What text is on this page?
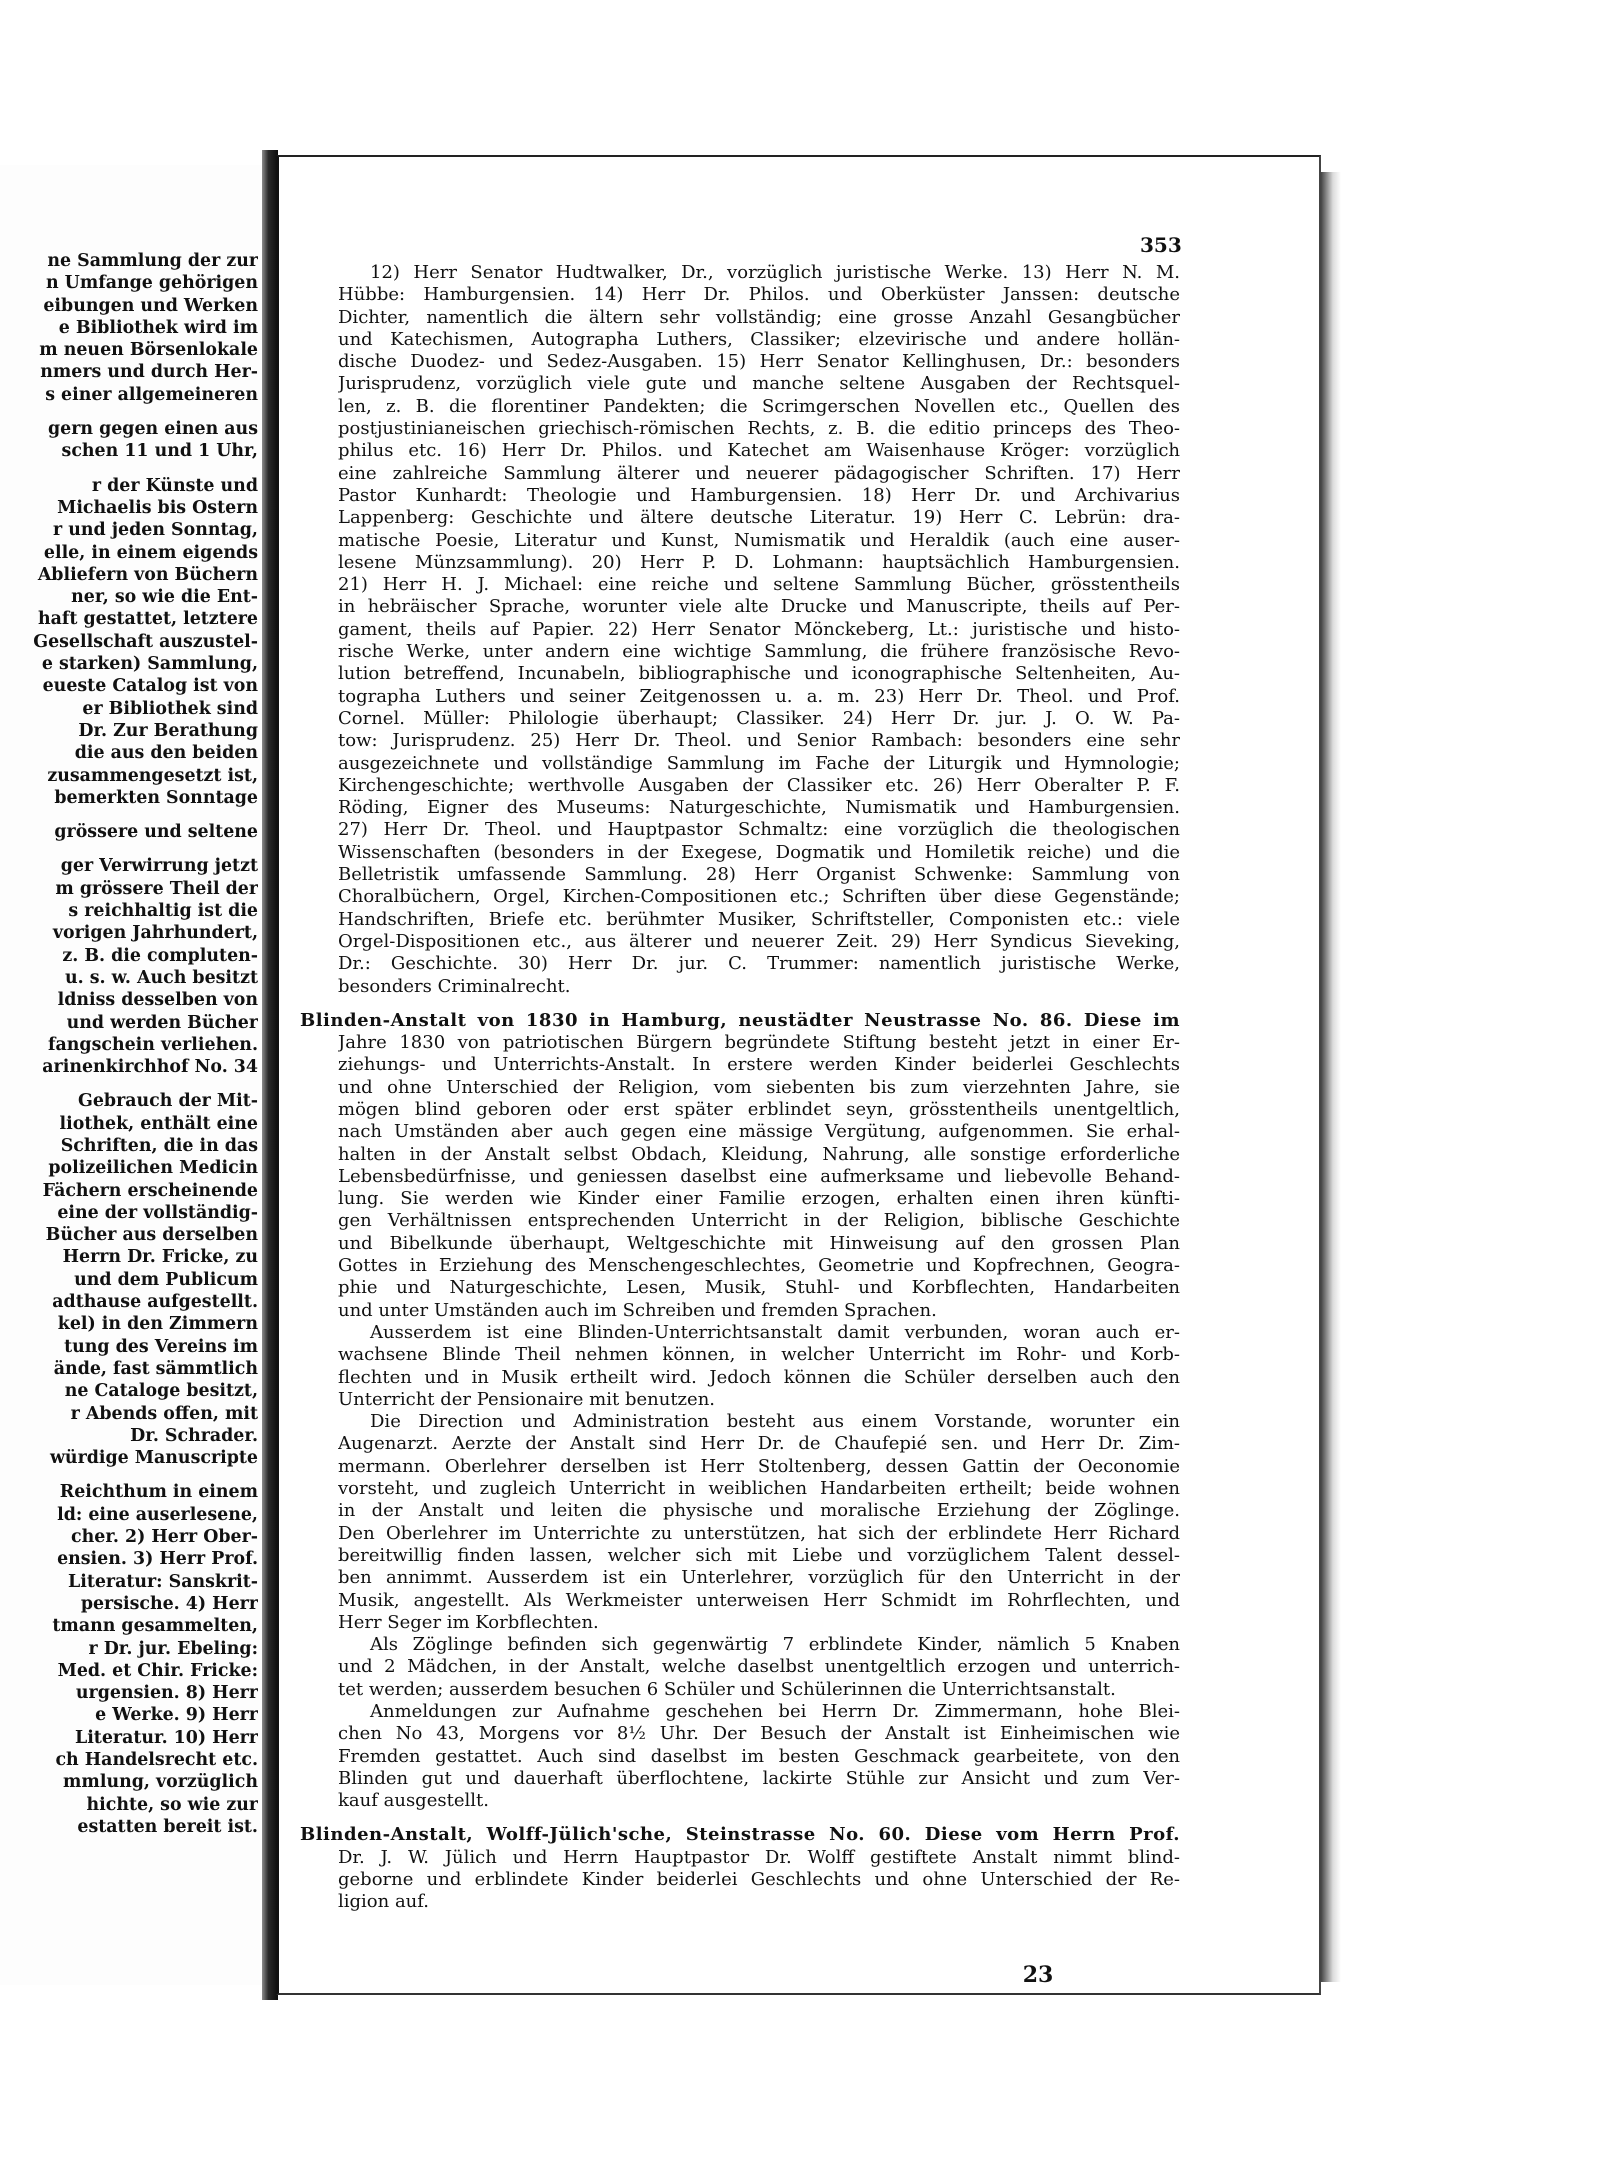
ne Sammlung der zur
n Umfange gehörigen
eibungen und Werken
e Bibliothek wird im
m neuen Börsenlokale
nmers und durch Her-
s einer allgemeineren

gern gegen einen aus
schen 11 und 1 Uhr,

r der Künste und
Michaelis bis Ostern
r und jeden Sonntag,
elle, in einem eigends
Abliefern von Büchern
ner, so wie die Ent-
haft gestattet, letztere
Gesellschaft auszustel-
e starken) Sammlung,
eueste Catalog ist von
er Bibliothek sind
Dr. Zur Berathung
die aus den beiden
zusammengesetzt ist,
bemerkten Sonntage

grössere und seltene

ger Verwirrung jetzt
m grössere Theil der
s reichhaltig ist die
vorigen Jahrhundert,
z. B. die compluten-
u. s. w. Auch besitzt
ldniss desselben von
und werden Bücher
fangschein verliehen.
arinenkirchhof No. 34

Gebrauch der Mit-
liothek, enthält eine
Schriften, die in das
polizeilichen Medicin
Fächern erscheinende
eine der vollständig-
Bücher aus derselben
Herrn Dr. Fricke, zu
und dem Publicum
adthause aufgestellt.
kel) in den Zimmern
tung des Vereins im
ände, fast sämmtlich
ne Cataloge besitzt,
r Abends offen, mit
Dr. Schrader.
würdige Manuscripte

Reichthum in einem
ld: eine auserlesene,
cher. 2) Herr Ober-
ensien. 3) Herr Prof.
Literatur: Sanskrit-
persische. 4) Herr
tmann gesammelten,
r Dr. jur. Ebeling:
Med. et Chir. Fricke:
urgensien. 8) Herr
e Werke. 9) Herr
Literatur. 10) Herr
ch Handelsrecht etc.
mmlung, vorzüglich
hichte, so wie zur
estatten bereit ist.
353
12) Herr Senator Hudtwalker, Dr., vorzüglich juristische Werke. 13) Herr N. M.
Hübbe: Hamburgensien. 14) Herr Dr. Philos. und Oberküster Janssen: deutsche
Dichter, namentlich die ältern sehr vollständig; eine grosse Anzahl Gesangbücher
und Katechismen, Autographa Luthers, Classiker; elzevirische und andere hollän-
dische Duodez- und Sedez-Ausgaben. 15) Herr Senator Kellinghusen, Dr.: besonders
Jurisprudenz, vorzüglich viele gute und manche seltene Ausgaben der Rechtsquel-
len, z. B. die florentiner Pandekten; die Scrimgerschen Novellen etc., Quellen des
postjustinianeischen griechisch-römischen Rechts, z. B. die editio princeps des Theo-
philus etc. 16) Herr Dr. Philos. und Katechet am Waisenhause Kröger: vorzüglich
eine zahlreiche Sammlung älterer und neuerer pädagogischer Schriften. 17) Herr
Pastor Kunhardt: Theologie und Hamburgensien. 18) Herr Dr. und Archivarius
Lappenberg: Geschichte und ältere deutsche Literatur. 19) Herr C. Lebrün: dra-
matische Poesie, Literatur und Kunst, Numismatik und Heraldik (auch eine auser-
lesene Münzsammlung). 20) Herr P. D. Lohmann: hauptsächlich Hamburgensien.
21) Herr H. J. Michael: eine reiche und seltene Sammlung Bücher, grösstentheils
in hebräischer Sprache, worunter viele alte Drucke und Manuscripte, theils auf Per-
gament, theils auf Papier. 22) Herr Senator Mönckeberg, Lt.: juristische und histo-
rische Werke, unter andern eine wichtige Sammlung, die frühere französische Revo-
lution betreffend, Incunabeln, bibliographische und iconographische Seltenheiten, Au-
tographa Luthers und seiner Zeitgenossen u. a. m. 23) Herr Dr. Theol. und Prof.
Cornel. Müller: Philologie überhaupt; Classiker. 24) Herr Dr. jur. J. O. W. Pa-
tow: Jurisprudenz. 25) Herr Dr. Theol. und Senior Rambach: besonders eine sehr
ausgezeichnete und vollständige Sammlung im Fache der Liturgik und Hymnologie;
Kirchengeschichte; werthvolle Ausgaben der Classiker etc. 26) Herr Oberalter P. F.
Röding, Eigner des Museums: Naturgeschichte, Numismatik und Hamburgensien.
27) Herr Dr. Theol. und Hauptpastor Schmaltz: eine vorzüglich die theologischen
Wissenschaften (besonders in der Exegese, Dogmatik und Homiletik reiche) und die
Belletristik umfassende Sammlung. 28) Herr Organist Schwenke: Sammlung von
Choralbüchern, Orgel, Kirchen-Compositionen etc.; Schriften über diese Gegenstände;
Handschriften, Briefe etc. berühmter Musiker, Schriftsteller, Componisten etc.: viele
Orgel-Dispositionen etc., aus älterer und neuerer Zeit. 29) Herr Syndicus Sieveking,
Dr.: Geschichte. 30) Herr Dr. jur. C. Trummer: namentlich juristische Werke,
besonders Criminalrecht.
Blinden-Anstalt von 1830 in Hamburg, neustädter Neustrasse No. 86. Diese im
Jahre 1830 von patriotischen Bürgern begründete Stiftung besteht jetzt in einer Er-
ziehungs- und Unterrichts-Anstalt. In erstere werden Kinder beiderlei Geschlechts
und ohne Unterschied der Religion, vom siebenten bis zum vierzehnten Jahre, sie
mögen blind geboren oder erst später erblindet seyn, grösstentheils unentgeltlich,
nach Umständen aber auch gegen eine mässige Vergütung, aufgenommen. Sie erhal-
halten in der Anstalt selbst Obdach, Kleidung, Nahrung, alle sonstige erforderliche
Lebensbedürfnisse, und geniessen daselbst eine aufmerksame und liebevolle Behand-
lung. Sie werden wie Kinder einer Familie erzogen, erhalten einen ihren künfti-
gen Verhältnissen entsprechenden Unterricht in der Religion, biblische Geschichte
und Bibelkunde überhaupt, Weltgeschichte mit Hinweisung auf den grossen Plan
Gottes in Erziehung des Menschengeschlechtes, Geometrie und Kopfrechnen, Geogra-
phie und Naturgeschichte, Lesen, Musik, Stuhl- und Korbflechten, Handarbeiten
und unter Umständen auch im Schreiben und fremden Sprachen.
Ausserdem ist eine Blinden-Unterrichtsanstalt damit verbunden, woran auch er-
wachsene Blinde Theil nehmen können, in welcher Unterricht im Rohr- und Korb-
flechten und in Musik ertheilt wird. Jedoch können die Schüler derselben auch den
Unterricht der Pensionaire mit benutzen.
Die Direction und Administration besteht aus einem Vorstande, worunter ein
Augenarzt. Aerzte der Anstalt sind Herr Dr. de Chaufepié sen. und Herr Dr. Zim-
mermann. Oberlehrer derselben ist Herr Stoltenberg, dessen Gattin der Oeconomie
vorsteht, und zugleich Unterricht in weiblichen Handarbeiten ertheilt; beide wohnen
in der Anstalt und leiten die physische und moralische Erziehung der Zöglinge.
Den Oberlehrer im Unterrichte zu unterstützen, hat sich der erblindete Herr Richard
bereitwillig finden lassen, welcher sich mit Liebe und vorzüglichem Talent dessel-
ben annimmt. Ausserdem ist ein Unterlehrer, vorzüglich für den Unterricht in der
Musik, angestellt. Als Werkmeister unterweisen Herr Schmidt im Rohrflechten, und
Herr Seger im Korbflechten.
Als Zöglinge befinden sich gegenwärtig 7 erblindete Kinder, nämlich 5 Knaben
und 2 Mädchen, in der Anstalt, welche daselbst unentgeltlich erzogen und unterrich-
tet werden; ausserdem besuchen 6 Schüler und Schülerinnen die Unterrichtsanstalt.
Anmeldungen zur Aufnahme geschehen bei Herrn Dr. Zimmermann, hohe Blei-
chen No 43, Morgens vor 8½ Uhr. Der Besuch der Anstalt ist Einheimischen wie
Fremden gestattet. Auch sind daselbst im besten Geschmack gearbeitete, von den
Blinden gut und dauerhaft überflochtene, lackirte Stühle zur Ansicht und zum Ver-
kauf ausgestellt.
Blinden-Anstalt, Wolff-Jülich'sche, Steinstrasse No. 60. Diese vom Herrn Prof.
Dr. J. W. Jülich und Herrn Hauptpastor Dr. Wolff gestiftete Anstalt nimmt blind-
geborne und erblindete Kinder beiderlei Geschlechts und ohne Unterschied der Re-
ligion auf.
23
